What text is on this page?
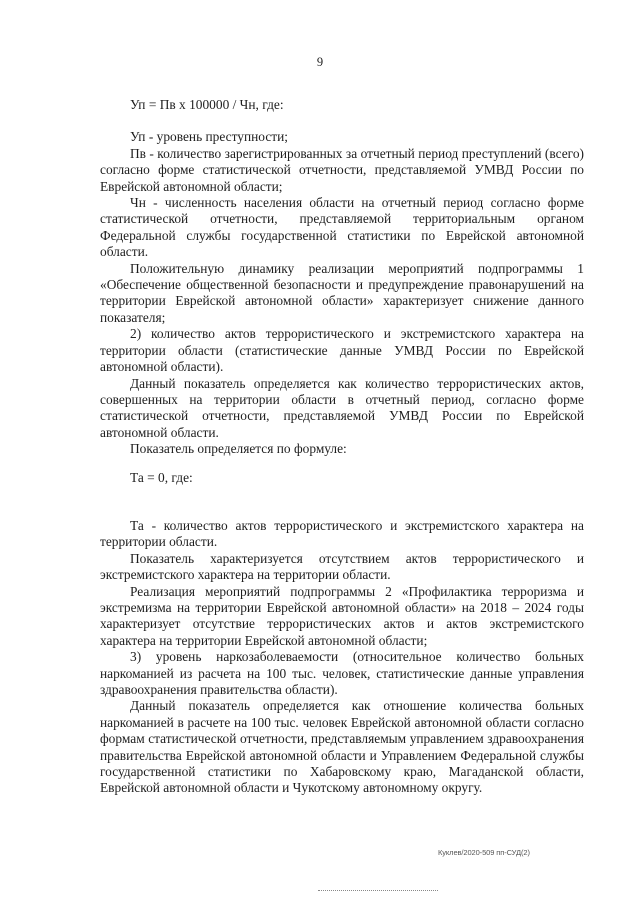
9

Уп = Пв х 100000 / Чн, где:

Уп - уровень преступности;

Пв - количество зарегистрированных за отчетный период преступлений (всего) согласно форме статистической отчетности, представляемой УМВД России по Еврейской автономной области;

Чн - численность населения области на отчетный период согласно форме статистической отчетности, представляемой территориальным органом Федеральной службы государственной статистики по Еврейской автономной области.

Положительную динамику реализации мероприятий подпрограммы 1 «Обеспечение общественной безопасности и предупреждение правонарушений на территории Еврейской автономной области» характеризует снижение данного показателя;

2) количество актов террористического и экстремистского характера на территории области (статистические данные УМВД России по Еврейской автономной области).

Данный показатель определяется как количество террористических актов, совершенных на территории области в отчетный период, согласно форме статистической отчетности, представляемой УМВД России по Еврейской автономной области.

Показатель определяется по формуле:

Та = 0, где:

Та - количество актов террористического и экстремистского характера на территории области.

Показатель характеризуется отсутствием актов террористического и экстремистского характера на территории области.

Реализация мероприятий подпрограммы 2 «Профилактика терроризма и экстремизма на территории Еврейской автономной области» на 2018 – 2024 годы характеризует отсутствие террористических актов и актов экстремистского характера на территории Еврейской автономной области;

3) уровень наркозаболеваемости (относительное количество больных наркоманией из расчета на 100 тыс. человек, статистические данные управления здравоохранения правительства области).

Данный показатель определяется как отношение количества больных наркоманией в расчете на 100 тыс. человек Еврейской автономной области согласно формам статистической отчетности, представляемым управлением здравоохранения правительства Еврейской автономной области и Управлением Федеральной службы государственной статистики по Хабаровскому краю, Магаданской области, Еврейской автономной области и Чукотскому автономному округу.

Куклев/2020-509 пп-СУД(2)
